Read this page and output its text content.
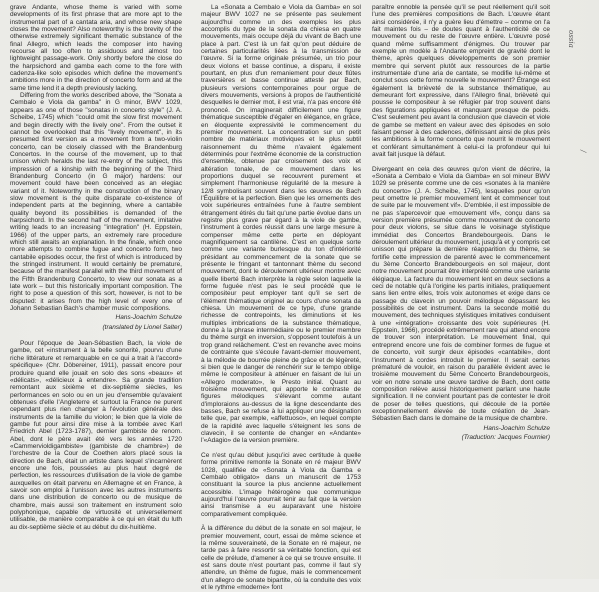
grave Andante, whose theme is varied with some developments of its first phrase that are more apt to the instrumental part of a cantata aria, and whose new shape closes the movement? Also noteworthy is the brevity of the otherwise extremely significant thematic substance of the final Allegro, which leads the composer into having recourse all too often to assiduous and almost too lightweight passage-work. Only shortly before the close do the harpsichord and gamba each come to the fore with cadenza-like solo episodes which define the movement's ambitions more in the direction of concerto form and at the same time lend it a depth previously lacking.

Differing from the works described above, the "Sonata a Cembalo e Viola da gamba" in G minor, BWV 1029, appears as one of those "sonatas in concerto style" (J. A. Scheibe, 1745) which "could omit the slow first movement and begin directly with the lively one". From the outset it cannot be overlooked that this "lively movement", in its presumed first version as a movement from a two-violin concerto, can be closely classed with the Brandenburg Concertos. In the course of the movement, up to that unison which heralds the last re-entry of the subject, this impression of a kinship with the beginning of the Third Brandenburg Concerto (in G major) hardens: our movement could have been conceived as an elegiac variant of it. Noteworthy in the construction of the binary slow movement is the quite disparate co-existence of independent parts at the beginning, where a cantabile quality beyond its possibilities is demanded of the harpsichord. In the second half of the movement, imitative writing leads to an increasing "integration" (H. Eppstein, 1966) of the upper parts, an extremely rare procedure which still awaits an explanation. In the finale, which once more attempts to combine fugue and concerto form, two cantabile episodes occur, the first of which is introduced by the stringed instrument. It would certainly be premature, because of the manifest parallel with the third movement of the Fifth Brandenburg Concerto, to view our sonata as a late work – but this historically important composition. The right to pose a question of this sort, however, is not to be disputed: it arises from the high level of every one of Johann Sebastian Bach's chamber music compositions.

Hans-Joachim Schulze
(translated by Lionel Salter)

Pour l'époque de Jean-Sébastien Bach, la viole de gambe, cet «instrument à la belle sonorité, pourvu d'une riche littérature et remarquable en ce qui a trait à l'accord» spécifique» (Chr. Döbereiner, 1911), passait encore pour produire quand elle jouait en solo des sons «beaux» et «délicats», «délicieux à entendre». Sa grande tradition remontant aux sixième et dix-septième siècles, les performances en solo ou en un jeu d'ensemble qu'avaient obtenues d'elle l'Angleterre et surtout la France ne purent cependant plus rien changer à l'évolution générale des instruments de la famille du violon; le bien que la viole de gambe fut pour ainsi dire mise à la tombée avec Karl Friedrich Abel (1723-1787), dernier gambiste de renom. Abel, dont le père avait été vers les années 1720 «Cammervioldigambiste» (gambiste de chambre») de l'orchestre de la Cour de Coethen alors placé sous la direction de Bach, était un artiste dans lequel s'incarnèrent encore une fois, poussées au plus haut degré de perfection, les ressources d'utilisation de la viole de gambe auxquelles on était parvenu en Allemagne et en France, à savoir son emploi à l'unisson avec les autres instruments dans une distribution de concerto ou de musique de chambre, mais aussi son traitement en instrument solo polyphonique, capable de virtuosité et universellement utilisable, de manière comparable à ce qui en était du luth au dix-septième siècle et au début du dix-huitième.

La «Sonata a Cembalo e Viola da Gamba» en sol majeur BWV 1027 ne se présente pas seulement aujourd'hui comme un des exemples les plus accomplis du type de la sonata da chiesa en quatre mouvements, mais occupe déjà du vivant de Bach une place à part. C'est là un fait qu'on peut déduire de certaines particularités liées à la transmission de l'œuvre. Si la forme originale présumée, un trio pour deux violons et basse continue, a disparu, il existe pourtant, en plus d'un remaniement pour deux flûtes traversières et basse continue attesté par Bach, plusieurs versions contemporaines pour orgue de divers mouvements, versions à propos de l'authenticité desquelles le dernier mot, il est vrai, n'a pas encore été prononcé. On imaginerait difficilement une figure thématique susceptible d'égaler en élégance, en grâce, en éloquente expressivité le commencement du premier mouvement. La concentration sur un petit nombre de matériaux motiviques et le plus subtil raisonnement du thème n'avaient également déterminés pour l'extrême économie de la construction d'ensemble, obtenue par croisement des voix et altération tonale, de ce mouvement dans les proportions duquel se recouvrent purement et simplement l'harmonieuse régularité de la mesure à 12/8 symbolisant souvent dans les œuvres de Bach l'Équilibre et la perfection. Bien que les ornements des voix supérieures entraînées l'une à l'autre semblent étrangement étirés du fait qu'une partie évolue dans un registre plus grave par égard à la viole de gambe, l'instrument à cordes réussit dans une large mesure à compenser même cette perte en déployant magnifiquement sa cantilène. C'est en quelque sorte comme une variante burlesque du ton d'intériorité présidant au commencement de la sonate que se présente le fringant et tantonnant thème du second mouvement, dont le déroulement ultérieur montre avec quelle liberté Bach interprète la règle selon laquelle la forme fuguée n'est pas le seul procédé que le compositeur peut employer tant qu'il se sert de l'élément thématique originel au cours d'une sonata da chiesa. Un mouvement de ce type, d'une grande richesse de contrepoints, les diminutions et les multiples imbrications de la substance thématique, donne à la phrase intermédiaire ou le premier membre du thème surgit en inversion, s'opposent toutefois à un trop grand relâchement. C'est en revanche avec moins de contrainte que s'écoule l'avant-dernier mouvement, à la mélodie de bourrée pleine de grâce et de légèreté, si bien que le danger de renchérir sur le tempo oblige même le compositeur à atténuer en faisant de lui un «Allegro moderato», le Presto initial. Quant au troisième mouvement, qui apporte le contraste de figures mélodiques s'élevant comme autant d'imploraions au-dessus de la ligne descendante des basses, Bach se refuse à lui appliquer une désignation telle que, par exemple, «affettuoso», en lequel compte de la rapidité avec laquelle s'éteignent les sons de clavecin, il se contente de changer en «Andante» l'«Adagio» de la version première.

Ce n'est qu'au début jusqu'ici avec certitude à quelle forme primitive remonte la Sonate en ré majeur BWV 1028, qualifiée de «Sonata à Viola da Gamba e Cembalo obligato» dans un manuscrit de 1753 constituant la source la plus ancienne actuellement accessible. L'image hétérogène que communique aujourd'hui l'œuvre pourrait tenir au fait que la version ainsi transmise a eu auparavant une histoire comparativement compliquée.

À la différence du début de la sonate en sol majeur, le premier mouvement, court, essai de même science et la même souveraineté, de la Sonate en ré majeur, ne tarde pas à faire ressortir sa véritable fonction, qui est celle de prélude, d'amener à ce qui se trouve ensuite. Il est sans doute n'est pourtant pas, comme il faut s'y attendre, un thème de fugue, mais le commencement d'un allegro de sonate bipartite, où la conduite des voix et le rythme «moderne» font

paraître ennoble la pensée qu'il se peut réellement qu'il soit l'une des premières compositions de Bach. L'œuvre étant ainsi considérée, il n'y a guère lieu d'émettre – comme on l'a fait maintes fois – de doutes quant à l'authenticité de ce mouvement ou du reste de l'œuvre entière. L'œuvre posé quand même suffisamment d'énigmes. Ou trouver par exemple un modèle à l'Andante empreint de gravité dont le thème, après quelques développements de son premier membre qui servent plutôt aux ressources de la partie instrumentale d'une aria de cantate, se modifie lui-même et conclut sous cette forme nouvelle le mouvement? Étrange est également la brièveté de la substance thématique, au demeurant fort expressive, dans l'Allegro final, brièveté qui pousse le compositeur à se réfugier par trop souvent dans des figurations appliquées et manquant presque de poids. C'est seulement peu avant la conclusion que clavecin et viole de gambe se mettent en valeur avec des épisodes en solo faisant penser à des cadences, définissant ainsi de plus près les ambitions à la forme concerto que nourrit le mouvement et conférant simultanément à celui-ci la profondeur qui lui avait fait jusque là défaut.

Divergeant en cela des œuvres qu'on vient de décrire, la «Sonata a Cembalo e Viola da Gamba» en sol mineur BWV 1029 se présente comme une de ces «sonates à la manière du concerto» (J. A. Scheibe, 1745), lesquelles pour qu'on peut omettre le premier mouvement lent et commencer tout de suite par le mouvement vif». D'emblée, il est impossible de ne pas s'apercevoir que «mouvement vif», conçu dans sa version première présumée comme mouvement de concerto pour deux violons, se situe dans le voisinage stylistique immédiat des Concertos Brandebourgeois. Dans le déroulement ultérieur du mouvement, jusqu'à et y compris cet unisson qui prépare la dernière réapparition du thème, se fortifie cette impression de parenté avec le commencement du 3ème Concerto Brandebourgeois en sol majeur, dont notre mouvement pourrait être interprété comme une variante élégiaque. La facture du mouvement lent en deux sections a ceci de notable qu'à l'origine les partis initiales, pratiquement sans lien entre elles, trois voix autonomes et exige dans ce passage du clavecin un pouvoir mélodique dépassant les possibilités de cet instrument. Dans la seconde moitié du mouvement, des techniques stylistiques imitatives conduisent à une «intégration» croissante des voix supérieures (H. Eppstein, 1966), procédé extrêmement rare qui attend encore de trouver son interprétation. Le mouvement final, qui entreprend encore une fois de combiner formes de fugue et de concerto, voit surgir deux épisodes «cantabile», dont l'instrument à cordes introduit le premier. Il serait certes prématuré de vouloir, en raison du parallèle évident avec le troisième mouvement du 5ème Concerto Brandebourgeois, voir en notre sonate une œuvre tardive de Bach, dont cette composition relève aussi historiquement parlant une haute signification. Il ne convient pourtant pas de contester le droit de poser de telles questions, qui découle de la portée exceptionnellement élevée de toute création de Jean-Sébastien Bach dans le domaine de la musique de chambre.

Hans-Joachim Schulze
(Traduction: Jacques Fournier)
ossia
/
